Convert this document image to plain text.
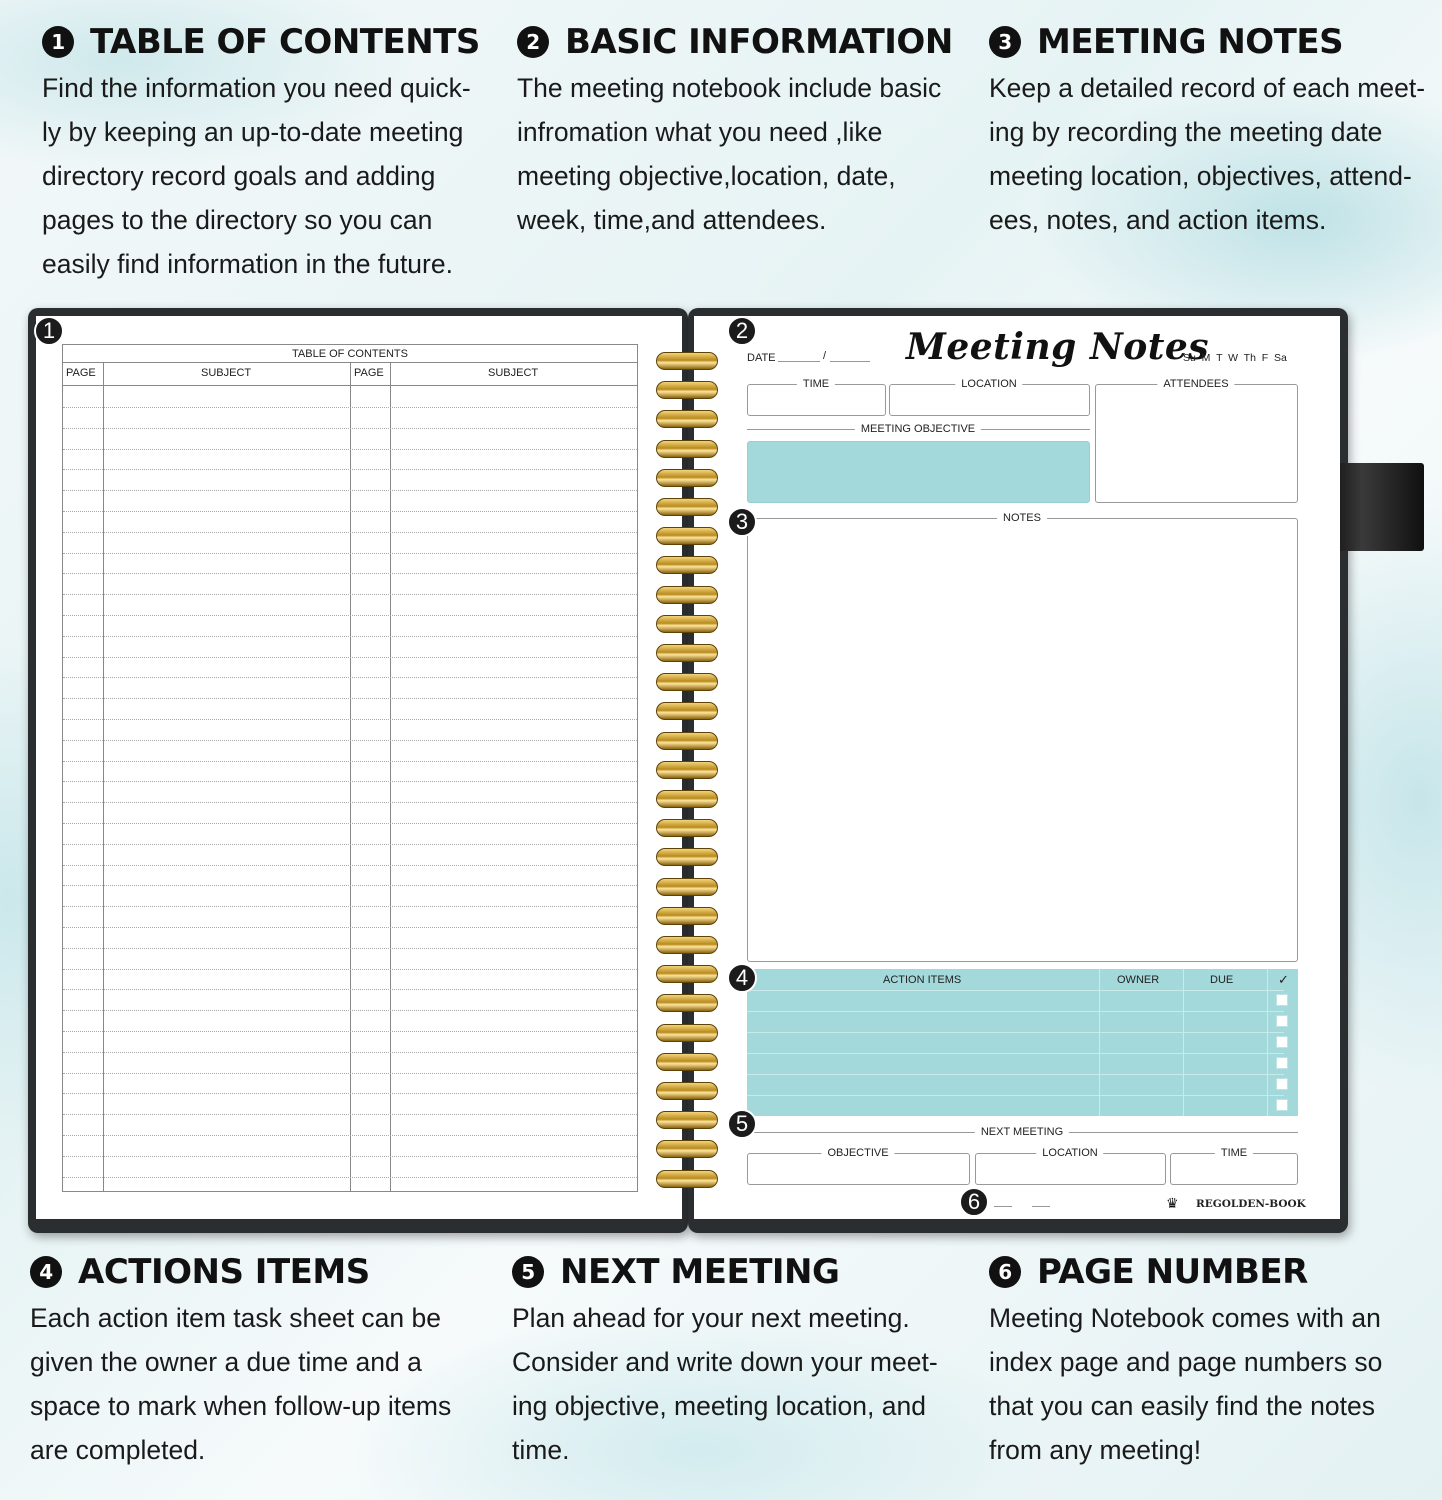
1 TABLE OF CONTENTS

Find the information you need quick-
ly by keeping an up-to-date meeting
directory record goals and adding
pages to the directory so you can
easily find information in the future.

2 BASIC INFORMATION

The meeting notebook include basic
infromation what you need ,like
meeting objective,location, date,
week, time,and attendees.

3 MEETING NOTES

Keep a detailed record of each meet-
ing by recording the meeting date
meeting location, objectives, attend-
ees, notes, and action items.

4 ACTIONS ITEMS

Each action item task sheet can be
given the owner a due time and a
space to mark when follow-up items
are completed.

5 NEXT MEETING

Plan ahead for your next meeting.
Consider and write down your meet-
ing objective, meeting location, and
time.

6 PAGE NUMBER

Meeting Notebook comes with an
index page and page numbers so
that you can easily find the notes
from any meeting!

TABLE OF CONTENTS
PAGE	SUBJECT	PAGE	SUBJECT
1	2
DATE	/ Meeting Notes
Su  M  T  W  Th  F  Sa
TIME	LOCATION	ATTENDEES
MEETING OBJECTIVE
NOTES
3
ACTION ITEMS	OWNER	DUE	✓
4
NEXT MEETING
5
OBJECTIVE	LOCATION	TIME
6	♛ REGOLDEN-BOOK
